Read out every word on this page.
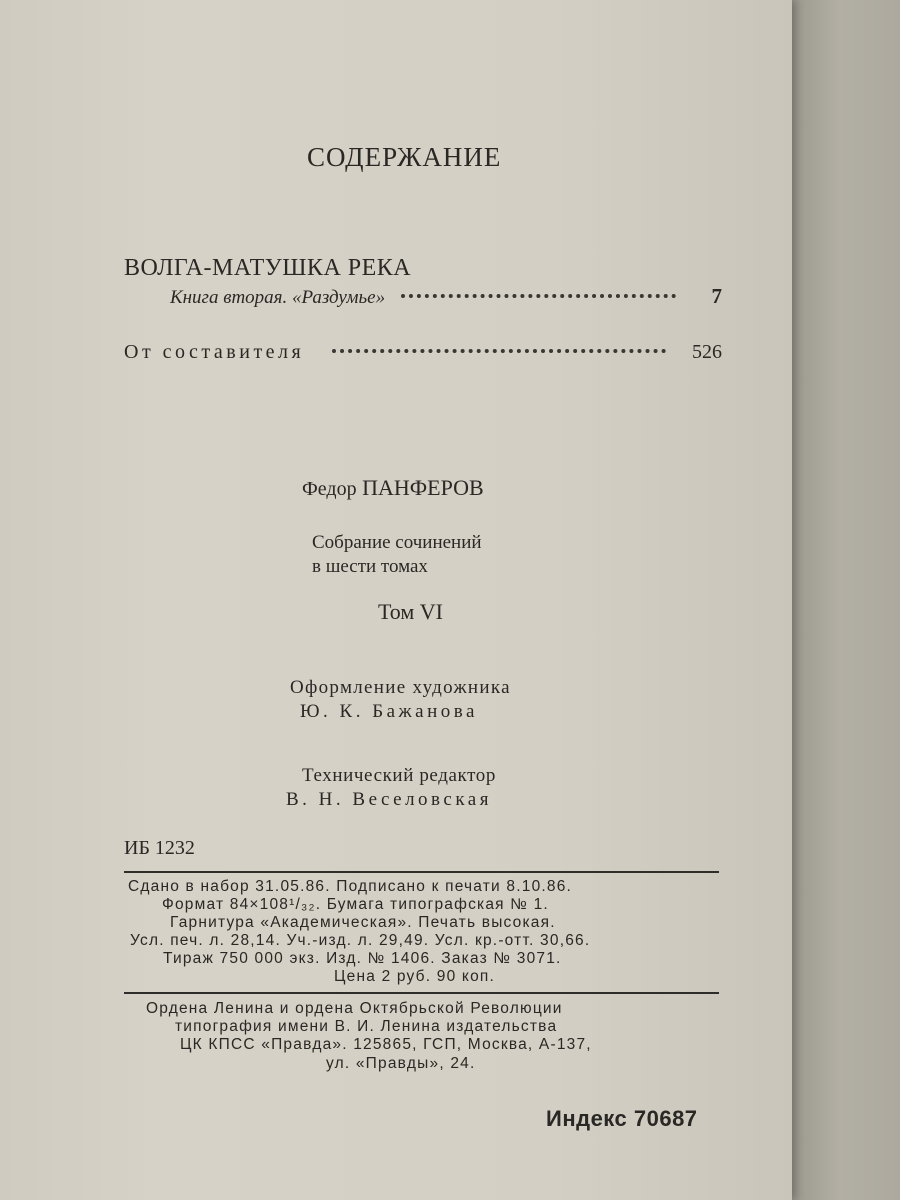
СОДЕРЖАНИЕ
ВОЛГА-МАТУШКА РЕКА
Книга вторая. «Раздумье»	7
От составителя	526
Федор ПАНФЕРОВ
Собрание сочинений
в шести томах
Том VI
Оформление художника
Ю. К. Бажанова
Технический редактор
В. Н. Веселовская
ИБ 1232
Сдано в набор 31.05.86. Подписано к печати 8.10.86.
Формат 84×108¹/₃₂. Бумага типографская № 1.
Гарнитура «Академическая». Печать высокая.
Усл. печ. л. 28,14. Уч.-изд. л. 29,49. Усл. кр.-отт. 30,66.
Тираж 750 000 экз. Изд. № 1406. Заказ № 3071.
Цена 2 руб. 90 коп.
Ордена Ленина и ордена Октябрьской Революции
типография имени В. И. Ленина издательства
ЦК КПСС «Правда». 125865, ГСП, Москва, А-137,
ул. «Правды», 24.
Индекс 70687
